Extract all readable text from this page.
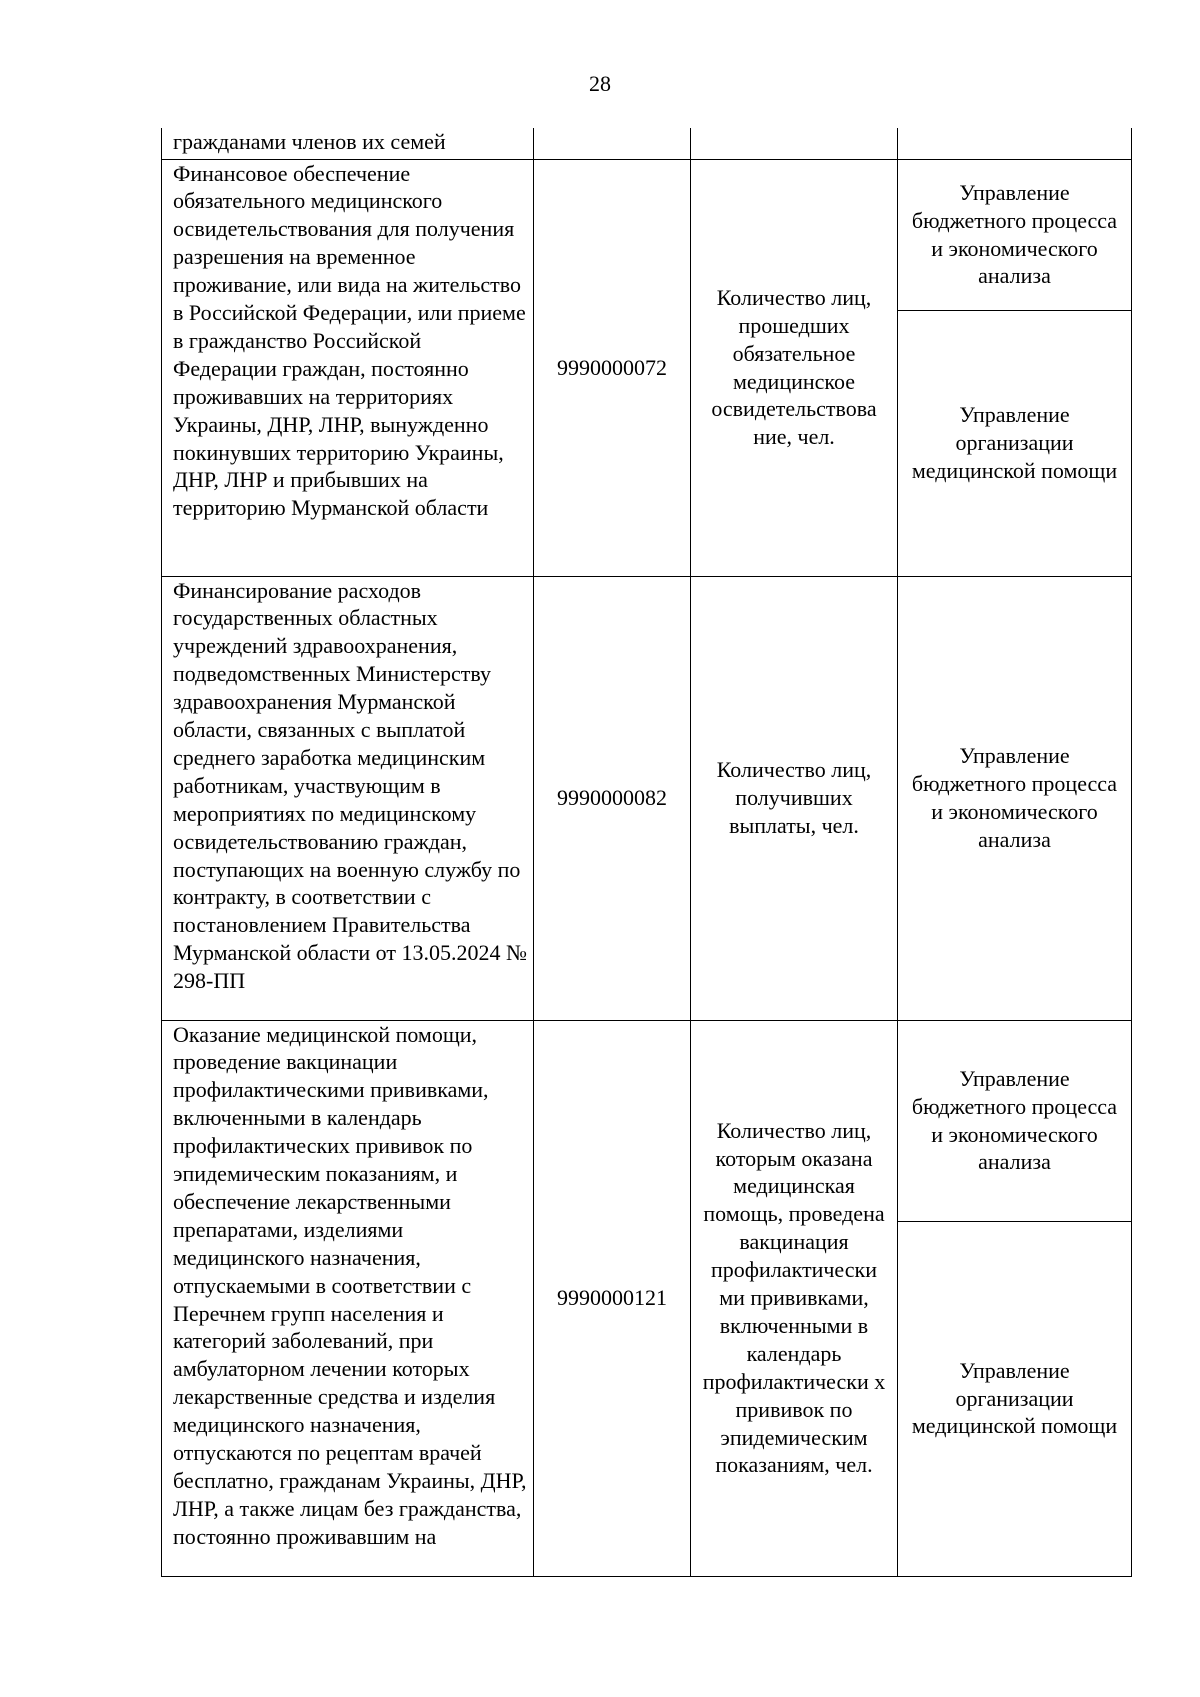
28
гражданами членов их семей			

Финансовое обеспечение обязательного медицинского освидетельствования для получения разрешения на временное проживание, или вида на жительство в Российской Федерации, или приеме в гражданство Российской Федерации граждан, постоянно проживавших на территориях Украины, ДНР, ЛНР, вынужденно покинувших территорию Украины, ДНР, ЛНР и прибывших на территорию Мурманской области	9990000072	Количество лиц, прошедших обязательное медицинское освидетельствова ние, чел.	Управление бюджетного процесса и экономического анализа
Управление организации медицинской помощи

Финансирование расходов государственных областных учреждений здравоохранения, подведомственных Министерству здравоохранения Мурманской области, связанных с выплатой среднего заработка медицинским работникам, участвующим в мероприятиях по медицинскому освидетельствованию граждан, поступающих на военную службу по контракту, в соответствии с постановлением Правительства Мурманской области от 13.05.2024 № 298-ПП	9990000082	Количество лиц, получивших выплаты, чел.	Управление бюджетного процесса и экономического анализа

Оказание медицинской помощи, проведение вакцинации профилактическими прививками, включенными в календарь профилактических прививок по эпидемическим показаниям, и обеспечение лекарственными препаратами, изделиями медицинского назначения, отпускаемыми в соответствии с Перечнем групп населения и категорий заболеваний, при амбулаторном лечении которых лекарственные средства и изделия медицинского назначения, отпускаются по рецептам врачей бесплатно, гражданам Украины, ДНР, ЛНР, а также лицам без гражданства, постоянно проживавшим на	9990000121	Количество лиц, которым оказана медицинская помощь, проведена вакцинация профилактически ми прививками, включенными в календарь профилактически х прививок по эпидемическим показаниям, чел.	Управление бюджетного процесса и экономического анализа
Управление организации медицинской помощи
